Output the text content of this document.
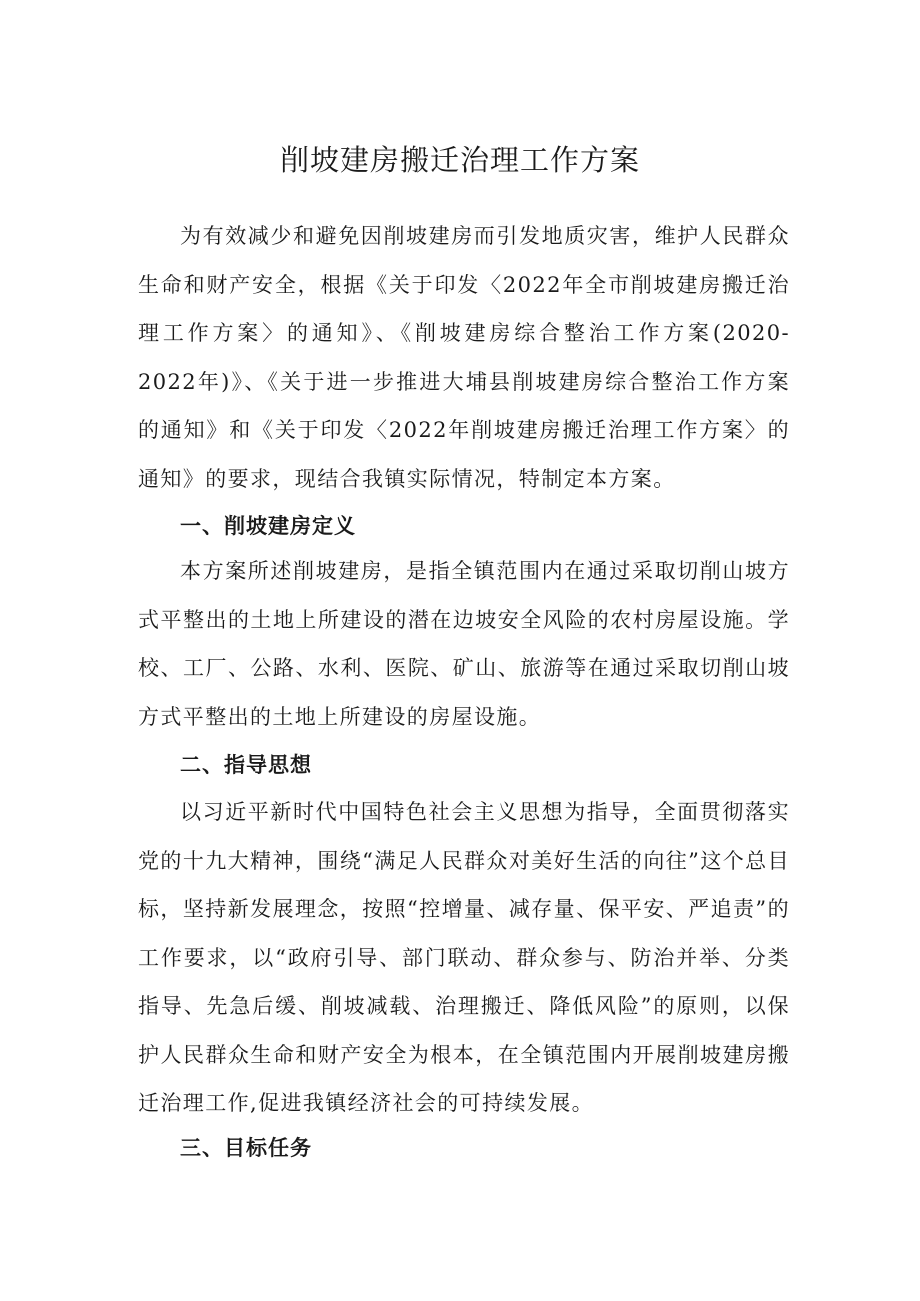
削坡建房搬迁治理工作方案

为有效减少和避免因削坡建房而引发地质灾害，维护人民群众生命和财产安全，根据《关于印发〈2022年全市削坡建房搬迁治理工作方案〉的通知》、《削坡建房综合整治工作方案(2020-2022年)》、《关于进一步推进大埔县削坡建房综合整治工作方案的通知》和《关于印发〈2022年削坡建房搬迁治理工作方案〉的通知》的要求，现结合我镇实际情况，特制定本方案。

一、削坡建房定义

本方案所述削坡建房，是指全镇范围内在通过采取切削山坡方式平整出的土地上所建设的潜在边坡安全风险的农村房屋设施。学校、工厂、公路、水利、医院、矿山、旅游等在通过采取切削山坡方式平整出的土地上所建设的房屋设施。

二、指导思想

以习近平新时代中国特色社会主义思想为指导，全面贯彻落实党的十九大精神，围绕“满足人民群众对美好生活的向往”这个总目标，坚持新发展理念，按照“控增量、减存量、保平安、严追责”的工作要求，以“政府引导、部门联动、群众参与、防治并举、分类指导、先急后缓、削坡减载、治理搬迁、降低风险”的原则，以保护人民群众生命和财产安全为根本，在全镇范围内开展削坡建房搬迁治理工作,促进我镇经济社会的可持续发展。

三、目标任务
